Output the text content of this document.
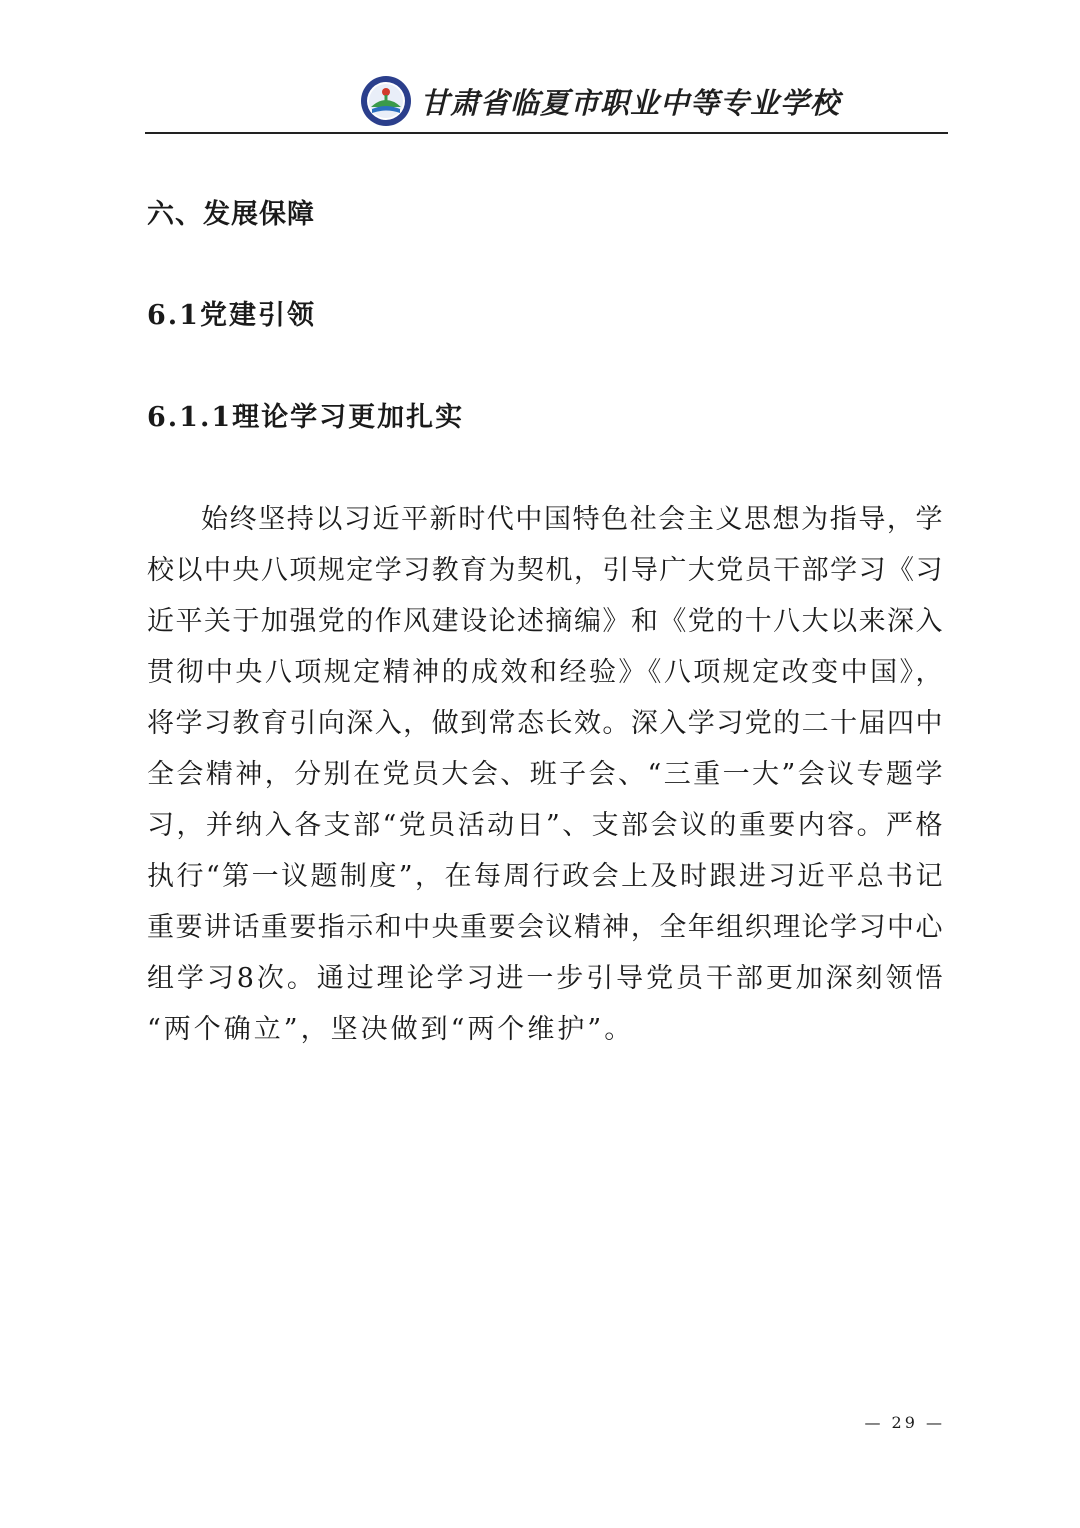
甘肃省临夏市职业中等专业学校
六、发展保障
6.1党建引领
6.1.1理论学习更加扎实
始终坚持以习近平新时代中国特色社会主义思想为指导，学
校以中央八项规定学习教育为契机，引导广大党员干部学习《习
近平关于加强党的作风建设论述摘编》和《党的十八大以来深入
贯彻中央八项规定精神的成效和经验》《八项规定改变中国》，
将学习教育引向深入，做到常态长效。深入学习党的二十届四中
全会精神，分别在党员大会、班子会、“三重一大”会议专题学
习，并纳入各支部“党员活动日”、支部会议的重要内容。严格
执行“第一议题制度”，在每周行政会上及时跟进习近平总书记
重要讲话重要指示和中央重要会议精神，全年组织理论学习中心
组学习8次。通过理论学习进一步引导党员干部更加深刻领悟
“两个确立”，坚决做到“两个维护”。
— 29 —
